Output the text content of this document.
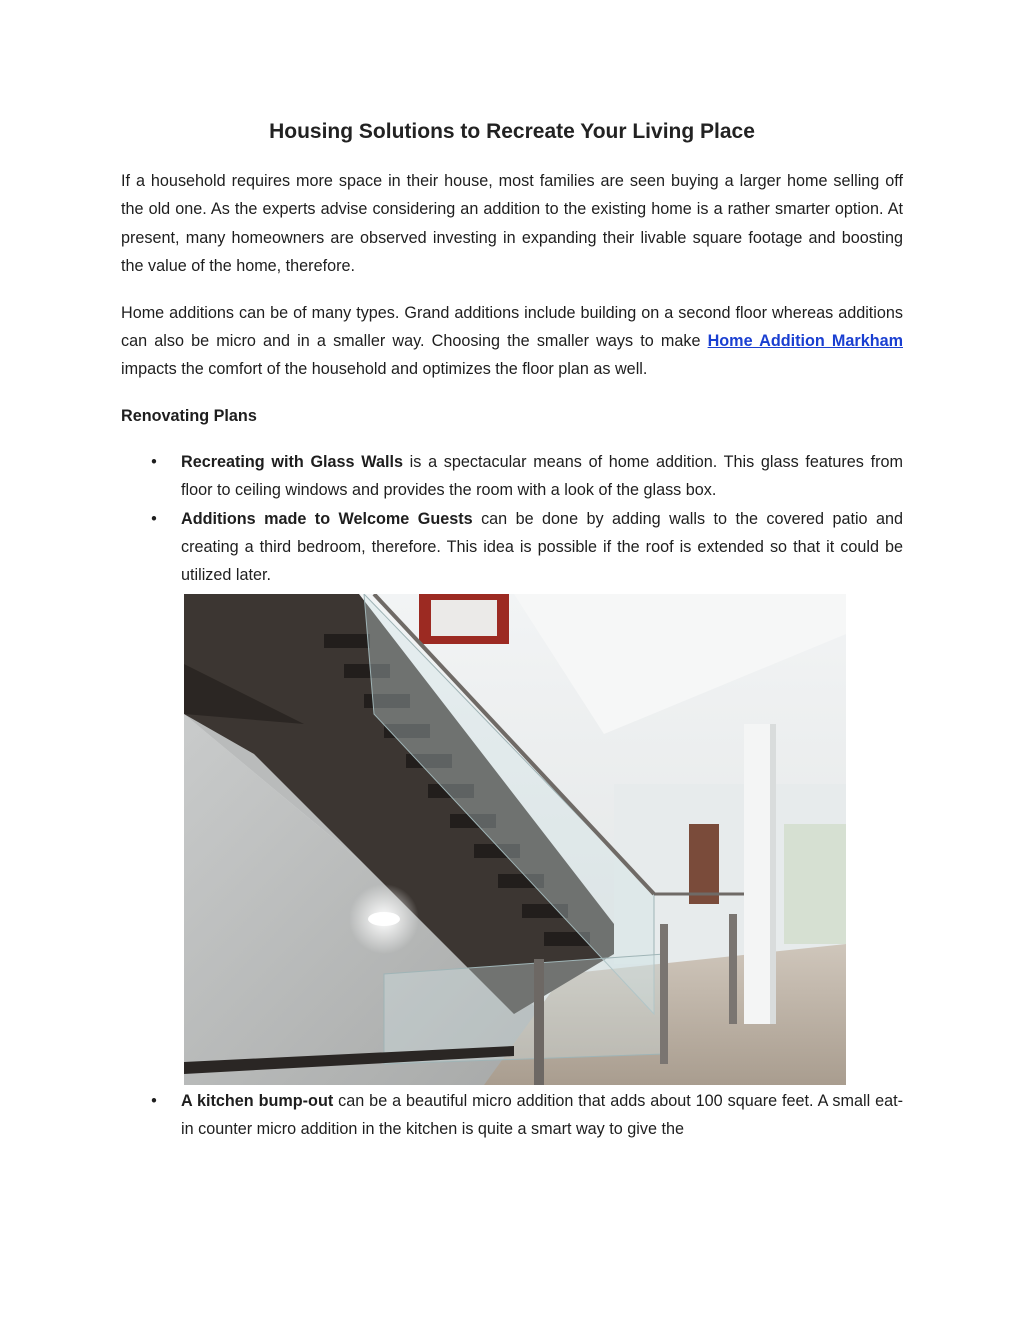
Housing Solutions to Recreate Your Living Place

If a household requires more space in their house, most families are seen buying a larger home selling off the old one. As the experts advise considering an addition to the existing home is a rather smarter option. At present, many homeowners are observed investing in expanding their livable square footage and boosting the value of the home, therefore.

Home additions can be of many types. Grand additions include building on a second floor whereas additions can also be micro and in a smaller way. Choosing the smaller ways to make Home Addition Markham impacts the comfort of the household and optimizes the floor plan as well.

Renovating Plans
• Recreating with Glass Walls is a spectacular means of home addition. This glass features from floor to ceiling windows and provides the room with a look of the glass box.
• Additions made to Welcome Guests can be done by adding walls to the covered patio and creating a third bedroom, therefore. This idea is possible if the roof is extended so that it could be utilized later.
• A kitchen bump-out can be a beautiful micro addition that adds about 100 square feet. A small eat-in counter micro addition in the kitchen is quite a smart way to give the
